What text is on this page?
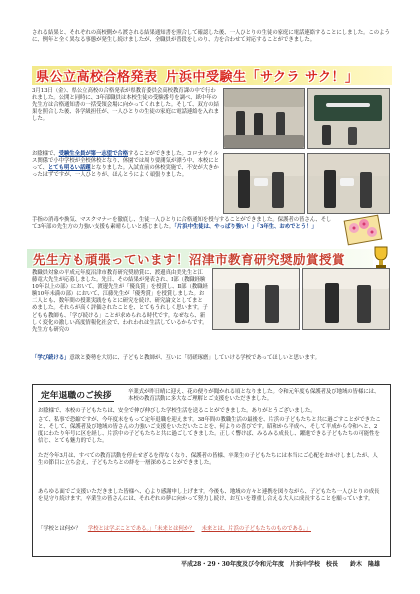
される結果と、それぞれの高校側から渡される結果通知書を照合して確認した後、一人ひとりの生徒の家庭に電話連絡することにしました。このように、例年と全く異なる事態が発生し続けましたが、全職員が普段をしのり、力を合わせて対応することができました。

県公立高校合格発表 片浜中受験生「サクラ サク！」

3月13日（金）、県公立高校の合格発表が県教育委員会高校教育課の中で行われました。公開と同時に、3年部職員は本校生徒の受験番号を調べ、紙中年の先生方は合格通知書の一括受領会場に向かってくれました。そして、双方の結果を照合した後、各学級担任が、一人ひとりの生徒の家庭に電話連絡を入れました。

お陰様で、受験生全員が第一志望で合格することができました。コロナウイルス関係で小中学校が全校休校となり、休園では周り要測気が漂う中、本校にとって、とても明るい話題となりました。入試直前の休校実施で、不安が大きかったはずですが、一人ひとりが、ほんとうによく頑張りました。

手指の消毒や換気、マスクマナーを徹底し、生徒一人ひとりに合格通知を授与することができました。保護者の皆さん、そして3年部の先生方の力強い支援も素晴らしいと感じました。「片浜中生徒は、やっぱり強い！」「3年生、おめでとう！」

先生方も頑張っています！沼津市教育研究奨励賞授賞

教職員対象の平成元年度沼津市教育研究奨励賞に、渡邊真由美先生と江藤竜大先生が応募しました。先日、その結果が発表され、Ⅰ部（教職経験10年以上の部）において、渡邊先生が「優良賞」を授賞し、Ⅱ部（教職経験10年未満の部）において、江藤先生が「優秀賞」を授賞しました。お二人とも、数年間の授業実践をもとに研究を続け、研究論文としてまとめました。それらが高く評価されたことを、とてもうれしく思います。子どもも教師も、「学び続ける」ことが求められる時代です。なぜなら、新しく変化の激しい高度情報化社会で、われわれは生活しているからです。先生方も研究の

「学び続ける」意欲と姿勢を大切に、子どもと教師が、互いに「切磋琢磨」していける学校であってほしいと思います。

定年退職のご挨拶	卒業式が昨日晴に迎え、花の便りが聞かれる頃となりました。令和元年度も保護者及び地域の皆様には、本校の教育活動に多大なご理解とご支援をいただきました。

お陰様で、本校の子どもたちは、安全で伸び伸びした学校生活を送ることができました。ありがとうございました。

さて、私事で恐縮ですが、今年度末をもって定年退職を迎えます。38年間の教職生活の最後を、片浜の子どもたちと共に過ごすことができたこと、そして、保護者及び地域の皆さんの力強いご支援をいただいたことを、何よりの喜びです。昭和から平成へ、そして平成から令和へと、2度にわたり年号に区を経し、片浜中の子どもたちと共に過ごしてきました。正しく響けば、みるみる成長し、躍進できる子どもたちの可能性を信じ、とても魅力的でした。

ただ今年3月は、すべての教育活動を停止せざるを得なくなり、保護者の皆様、卒業生の子どもたちには本当にご心配をおかけしましたが、人生の節目に立ち会え、子どもたちとの絆を一層深めることができました。

あらゆる面でご支援いただきました皆様へ、心より感謝申し上げます。今後も、地域の方々と連携を図りながら、子どもたち一人ひとりの成長を見守り続けます。卒業生の皆さんには、それぞれの夢に向かって努力し続け、お互いを尊重し合える大人に成長することを願っています。

「学校とは何か？　 学校とは学ぶことである。」「未来とは何か？　 未来とは、片浜の子どもたちのものである。」

平成28・29・30年度及び令和元年度　片浜中学校　校長　　鈴木　隆雄
